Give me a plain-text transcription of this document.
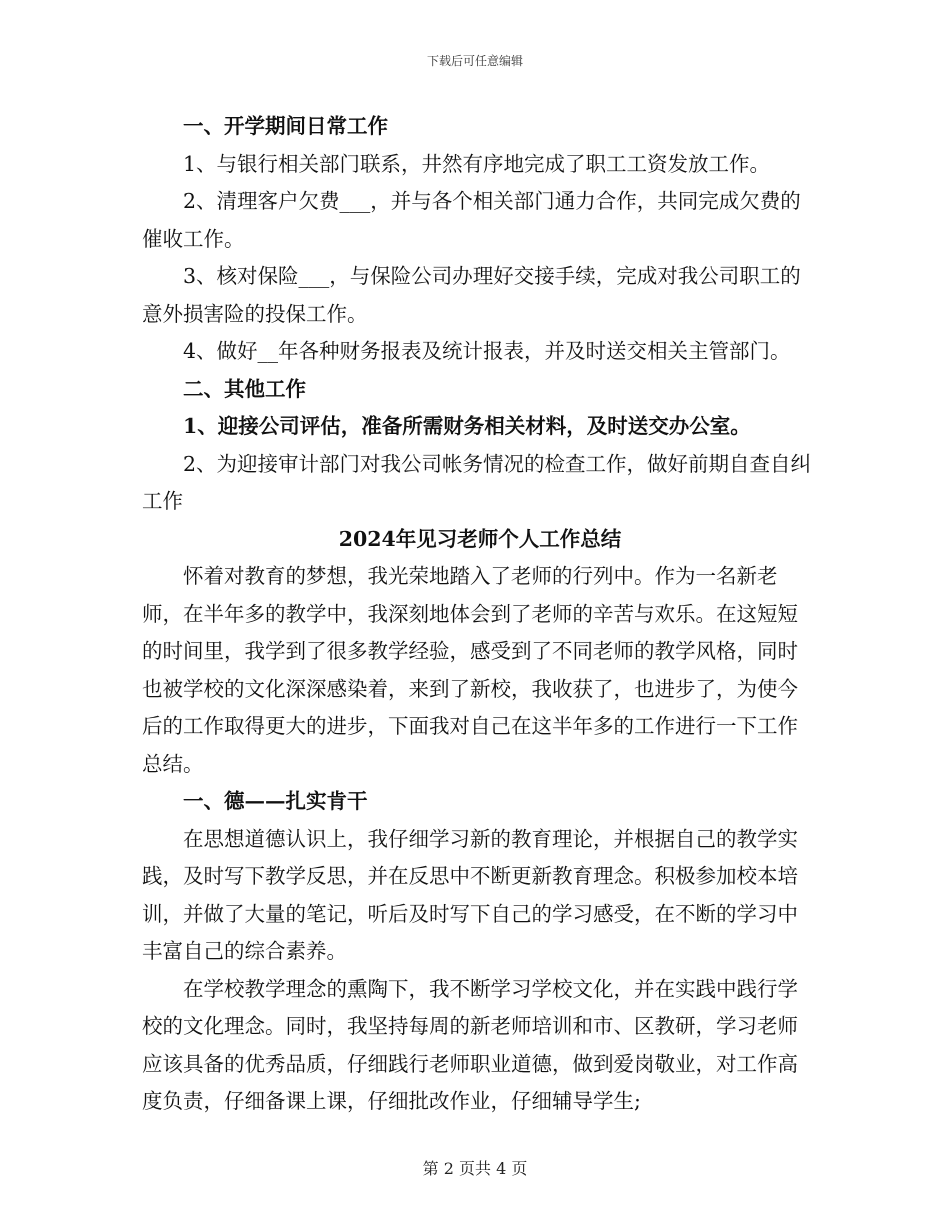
下载后可任意编辑

一、开学期间日常工作

1、与银行相关部门联系，井然有序地完成了职工工资发放工作。

2、清理客户欠费___，并与各个相关部门通力合作，共同完成欠费的催收工作。

3、核对保险___，与保险公司办理好交接手续，完成对我公司职工的意外损害险的投保工作。

4、做好__年各种财务报表及统计报表，并及时送交相关主管部门。

二、其他工作

1、迎接公司评估，准备所需财务相关材料，及时送交办公室。

2、为迎接审计部门对我公司帐务情况的检查工作，做好前期自查自纠工作

2024年见习老师个人工作总结

怀着对教育的梦想，我光荣地踏入了老师的行列中。作为一名新老师，在半年多的教学中，我深刻地体会到了老师的辛苦与欢乐。在这短短的时间里，我学到了很多教学经验，感受到了不同老师的教学风格，同时也被学校的文化深深感染着，来到了新校，我收获了，也进步了，为使今后的工作取得更大的进步，下面我对自己在这半年多的工作进行一下工作总结。

一、德——扎实肯干

在思想道德认识上，我仔细学习新的教育理论，并根据自己的教学实践，及时写下教学反思，并在反思中不断更新教育理念。积极参加校本培训，并做了大量的笔记，听后及时写下自己的学习感受，在不断的学习中丰富自己的综合素养。

在学校教学理念的熏陶下，我不断学习学校文化，并在实践中践行学校的文化理念。同时，我坚持每周的新老师培训和市、区教研，学习老师应该具备的优秀品质，仔细践行老师职业道德，做到爱岗敬业，对工作高度负责，仔细备课上课，仔细批改作业，仔细辅导学生;

第 2 页共 4 页
